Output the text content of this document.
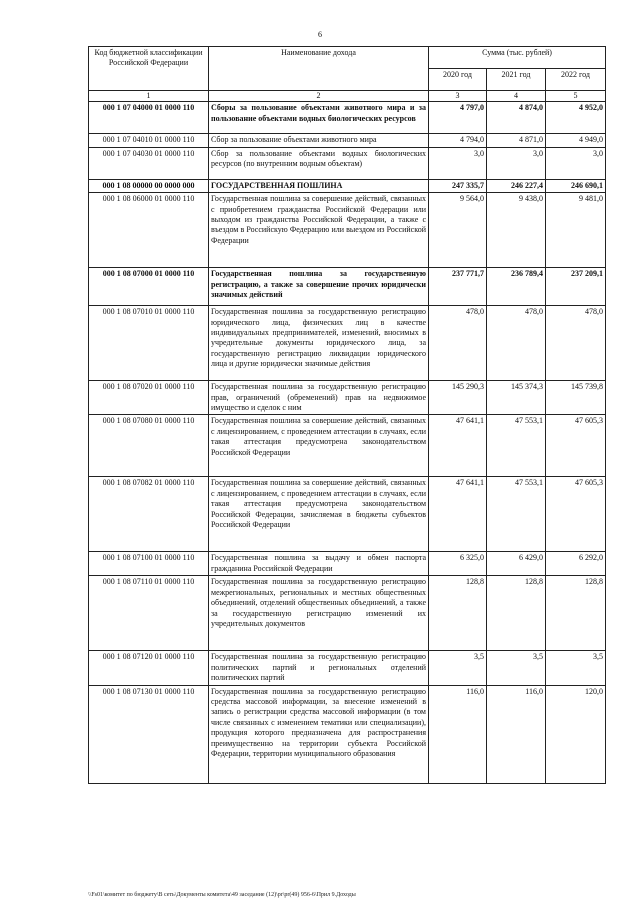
6
Код бюджетной классификации Российской Федерации	Наименование дохода	Сумма (тыс. рублей)		
		2020 год	2021 год	2022 год
1	2	3	4	5
000 1 07 04000 01 0000 110	Сборы за пользование объектами животного мира и за пользование объектами водных биологических ресурсов	4 797,0	4 874,0	4 952,0
000 1 07 04010 01 0000 110	Сбор за пользование объектами животного мира	4 794,0	4 871,0	4 949,0
000 1 07 04030 01 0000 110	Сбор за пользование объектами водных биологических ресурсов (по внутренним водным объектам)	3,0	3,0	3,0
000 1 08 00000 00 0000 000	ГОСУДАРСТВЕННАЯ ПОШЛИНА	247 335,7	246 227,4	246 690,1
000 1 08 06000 01 0000 110	Государственная пошлина за совершение действий, связанных с приобретением гражданства Российской Федерации или выходом из гражданства Российской Федерации, а также с въездом в Российскую Федерацию или выездом из Российской Федерации	9 564,0	9 438,0	9 481,0
000 1 08 07000 01 0000 110	Государственная пошлина за государственную регистрацию, а также за совершение прочих юридически значимых действий	237 771,7	236 789,4	237 209,1
000 1 08 07010 01 0000 110	Государственная пошлина за государственную регистрацию юридического лица, физических лиц в качестве индивидуальных предпринимателей, изменений, вносимых в учредительные документы юридического лица, за государственную регистрацию ликвидации юридического лица и другие юридически значимые действия	478,0	478,0	478,0
000 1 08 07020 01 0000 110	Государственная пошлина за государственную регистрацию прав, ограничений (обременений) прав на недвижимое имущество и сделок с ним	145 290,3	145 374,3	145 739,8
000 1 08 07080 01 0000 110	Государственная пошлина за совершение действий, связанных с лицензированием, с проведением аттестации в случаях, если такая аттестация предусмотрена законодательством Российской Федерации	47 641,1	47 553,1	47 605,3
000 1 08 07082 01 0000 110	Государственная пошлина за совершение действий, связанных с лицензированием, с проведением аттестации в случаях, если такая аттестация предусмотрена законодательством Российской Федерации, зачисляемая в бюджеты субъектов Российской Федерации	47 641,1	47 553,1	47 605,3
000 1 08 07100 01 0000 110	Государственная пошлина за выдачу и обмен паспорта гражданина Российской Федерации	6 325,0	6 429,0	6 292,0
000 1 08 07110 01 0000 110	Государственная пошлина за государственную регистрацию межрегиональных, региональных и местных общественных объединений, отделений общественных объединений, а также за государственную регистрацию изменений их учредительных документов	128,8	128,8	128,8
000 1 08 07120 01 0000 110	Государственная пошлина за государственную регистрацию политических партий и региональных отделений политических партий	3,5	3,5	3,5
000 1 08 07130 01 0000 110	Государственная пошлина за государственную регистрацию средства массовой информации, за внесение изменений в запись о регистрации средства массовой информации (в том числе связанных с изменением тематики или специализации), продукция которого предназначена для распространения преимущественно на территории субъекта Российской Федерации, территории муниципального образования	116,0	116,0	120,0
\\Fs01\комитет по бюджету\В сеть\Документы комитета\49 заседание (12)\pr\pr(49) 956-6\Прил 9.Доходы
